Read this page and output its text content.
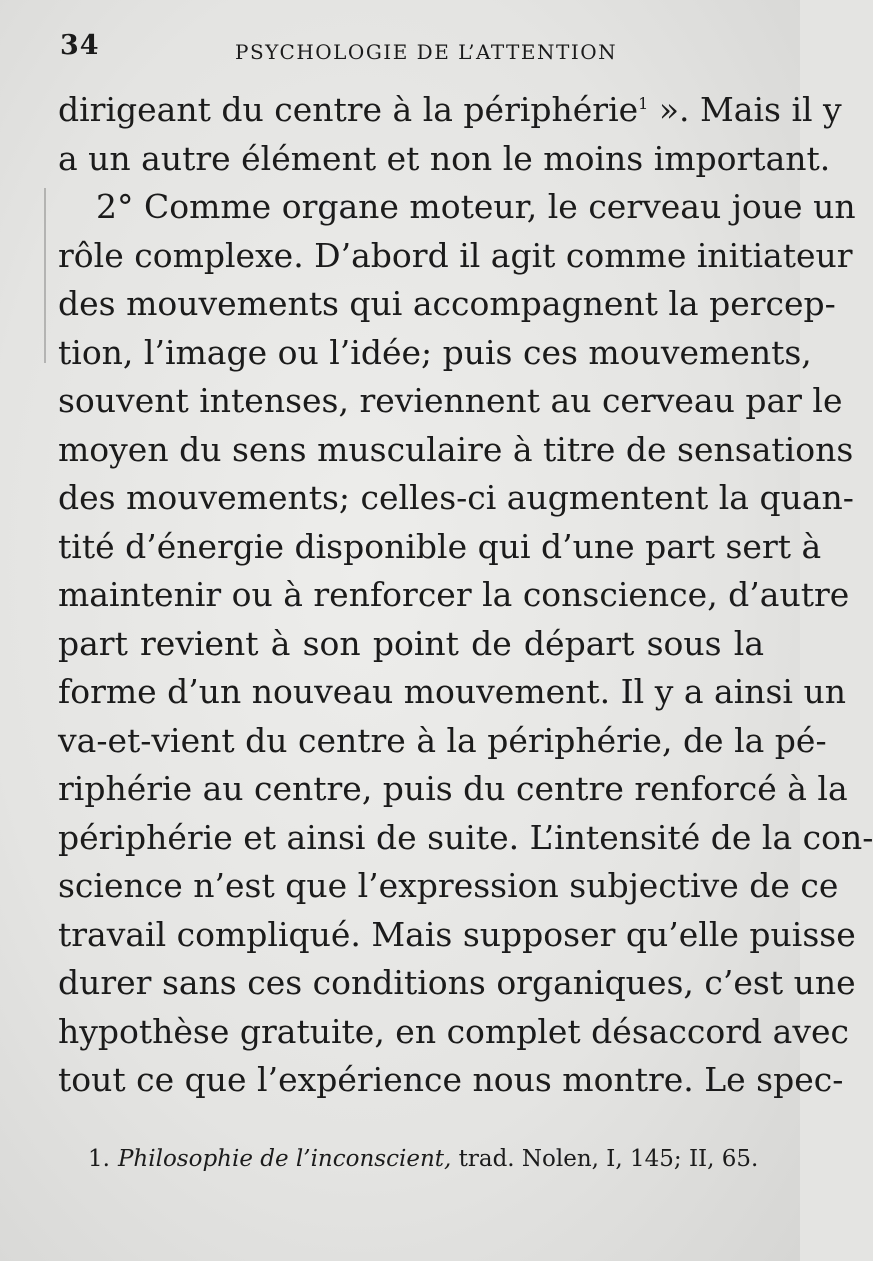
34	PSYCHOLOGIE DE L’ATTENTION
dirigeant du centre à la périphérie$^1$ ». Mais il y
a un autre élément et non le moins important.
2° Comme organe moteur, le cerveau joue un
rôle complexe. D’abord il agit comme initiateur
des mouvements qui accompagnent la percep-
tion, l’image ou l’idée; puis ces mouvements,
souvent intenses, reviennent au cerveau par le
moyen du sens musculaire à titre de sensations
des mouvements; celles-ci augmentent la quan-
tité d’énergie disponible qui d’une part sert à
maintenir ou à renforcer la conscience, d’autre
part revient à son point de départ sous la
forme d’un nouveau mouvement. Il y a ainsi un
va-et-vient du centre à la périphérie, de la pé-
riphérie au centre, puis du centre renforcé à la
périphérie et ainsi de suite. L’intensité de la con-
science n’est que l’expression subjective de ce
travail compliqué. Mais supposer qu’elle puisse
durer sans ces conditions organiques, c’est une
hypothèse gratuite, en complet désaccord avec
tout ce que l’expérience nous montre. Le spec-
1. Philosophie de l’inconscient, trad. Nolen, I, 145; II, 65.
